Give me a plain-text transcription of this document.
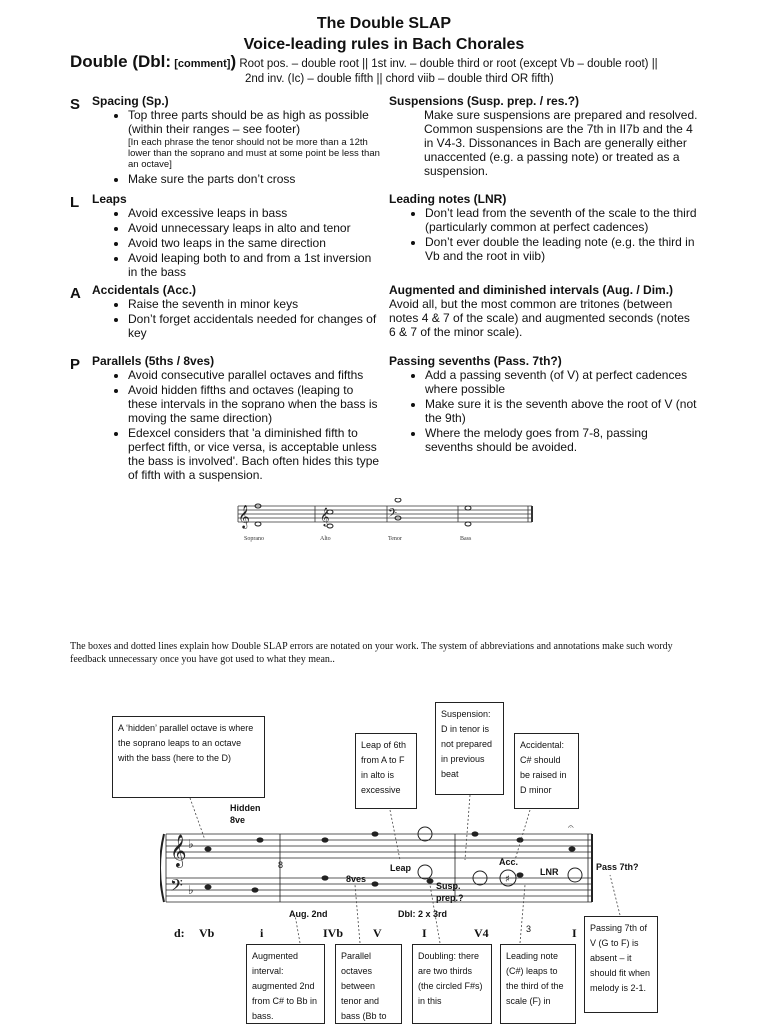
The Double SLAP
Voice-leading rules in Bach Chorales
Double (Dbl: [comment]) Root pos. – double root || 1st inv. – double third or root (except Vb – double root) ||
2nd inv. (Ic) – double fifth || chord viib – double third OR fifth)
S Spacing (Sp.)
• Top three parts should be as high as possible (within their ranges – see footer)
[In each phrase the tenor should not be more than a 12th lower than the soprano and must at some point be less than an octave]
• Make sure the parts don’t cross
L Leaps
• Avoid excessive leaps in bass
• Avoid unnecessary leaps in alto and tenor
• Avoid two leaps in the same direction
• Avoid leaping both to and from a 1st inversion in the bass
A Accidentals (Acc.)
• Raise the seventh in minor keys
• Don’t forget accidentals needed for changes of key
P Parallels (5ths / 8ves)
• Avoid consecutive parallel octaves and fifths
• Avoid hidden fifths and octaves (leaping to these intervals in the soprano when the bass is moving the same direction)
• Edexcel considers that 'a diminished fifth to perfect fifth, or vice versa, is acceptable unless the bass is involved'. Bach often hides this type of fifth with a suspension.
Suspensions (Susp. prep. / res.?)
Make sure suspensions are prepared and resolved. Common suspensions are the 7th in II7b and the 4 in V4-3. Dissonances in Bach are generally either unaccented (e.g. a passing note) or treated as a suspension.
Leading notes (LNR)
• Don’t lead from the seventh of the scale to the third (particularly common at perfect cadences)
• Don’t ever double the leading note (e.g. the third in Vb and the root in viib)
Augmented and diminished intervals (Aug. / Dim.)
Avoid all, but the most common are tritones (between notes 4 & 7 of the scale) and augmented seconds (notes 6 & 7 of the minor scale).
Passing sevenths (Pass. 7th?)
• Add a passing seventh (of V) at perfect cadences where possible
• Make sure it is the seventh above the root of V (not the 9th)
• Where the melody goes from 7-8, passing sevenths should be avoided.
𝄞	𝄞	𝄢
Soprano	Alto	Tenor	Bass
The boxes and dotted lines explain how Double SLAP errors are notated on your work. The system of abbreviations and annotations make such wordy feedback unnecessary once you have got used to what they mean..
A ‘hidden’ parallel octave is where the soprano leaps to an octave with the bass (here to the D)
Leap of 6th from A to F in alto is excessive
Suspension: D in tenor is not prepared in previous beat
Accidental: C# should be raised in D minor
Augmented interval: augmented 2nd from C# to Bb in bass.
Parallel octaves between tenor and bass (Bb to
Doubling: there are two thirds (the circled F#s) in this
Leading note (C#) leaps to the third of the scale (F) in
Passing 7th of V (G to F) is absent – it should fit when melody is 2-1.
𝄞
𝄢
♭
♭
♯
𝄐
Hidden 8ve
Leap
Acc.	Pass 7th?
8ves
Susp. prep.?
LNR
Aug. 2nd	Dbl: 2 x 3rd
8
3
d: Vb	i	IVb V	I	V4	I
